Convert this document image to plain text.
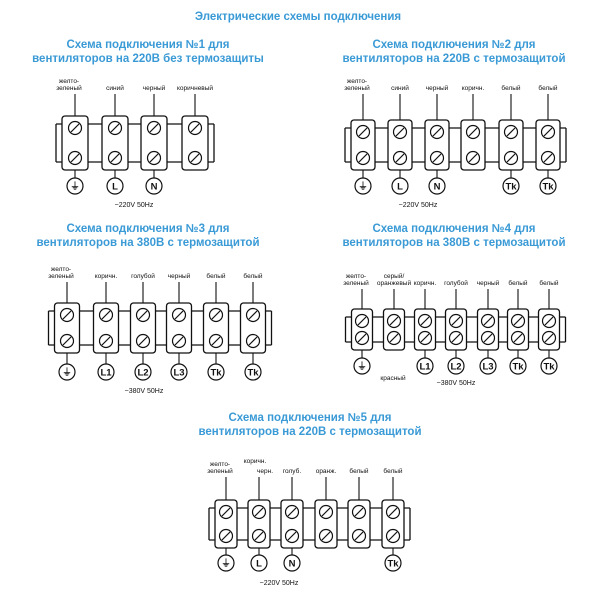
Электрические схемы подключения
Схема подключения №1 для
вентиляторов на 220В без термозащиты
~220V 50Hz
Схема подключения №2 для
вентиляторов на 220В с термозащитой
~220V 50Hz
Схема подключения №3 для
вентиляторов на 380В с термозащитой
~380V 50Hz
Схема подключения №4 для
вентиляторов на 380В с термозащитой
~380V 50Hz
красный
Схема подключения №5 для
вентиляторов на 220В с термозащитой
~220V 50Hz
⏚	L	N
желто-
зеленый	синий	черный коричневый
⏚	L	N	Tk	Tk
желто-
зеленый	синий	черный коричн.	белый	белый
⏚	L1	L2	L3	Tk	Tk
желто-
зеленый	коричн. голубой черный белый	белый
⏚	L1 L2 L3 Tk Tk
желто-
зеленый
серый/
оранжевый коричн. голубой черный белый белый
⏚	L	N	Tk
желто-
зеленый
коричн.
черн. голуб. оранж. белый белый
